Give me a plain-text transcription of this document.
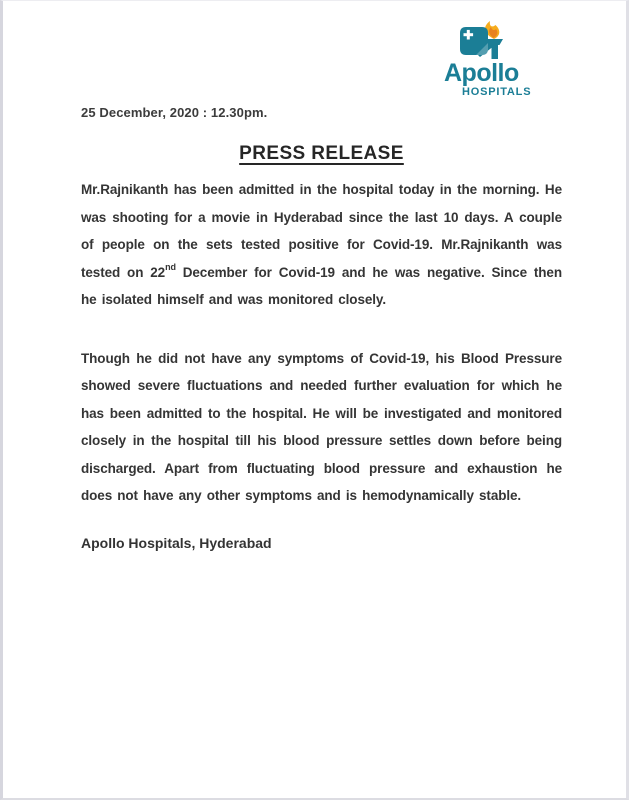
Apollo
HOSPITALS

25 December, 2020 : 12.30pm.

PRESS RELEASE

Mr.Rajnikanth has been admitted in the hospital today in the morning. He was shooting for a movie in Hyderabad since the last 10 days. A couple of people on the sets tested positive for Covid-19. Mr.Rajnikanth was tested on 22nd December for Covid-19 and he was negative. Since then he isolated himself and was monitored closely.

Though he did not have any symptoms of Covid-19, his Blood Pressure showed severe fluctuations and needed further evaluation for which he has been admitted to the hospital. He will be investigated and monitored closely in the hospital till his blood pressure settles down before being discharged. Apart from fluctuating blood pressure and exhaustion he does not have any other symptoms and is hemodynamically stable.

Apollo Hospitals, Hyderabad
